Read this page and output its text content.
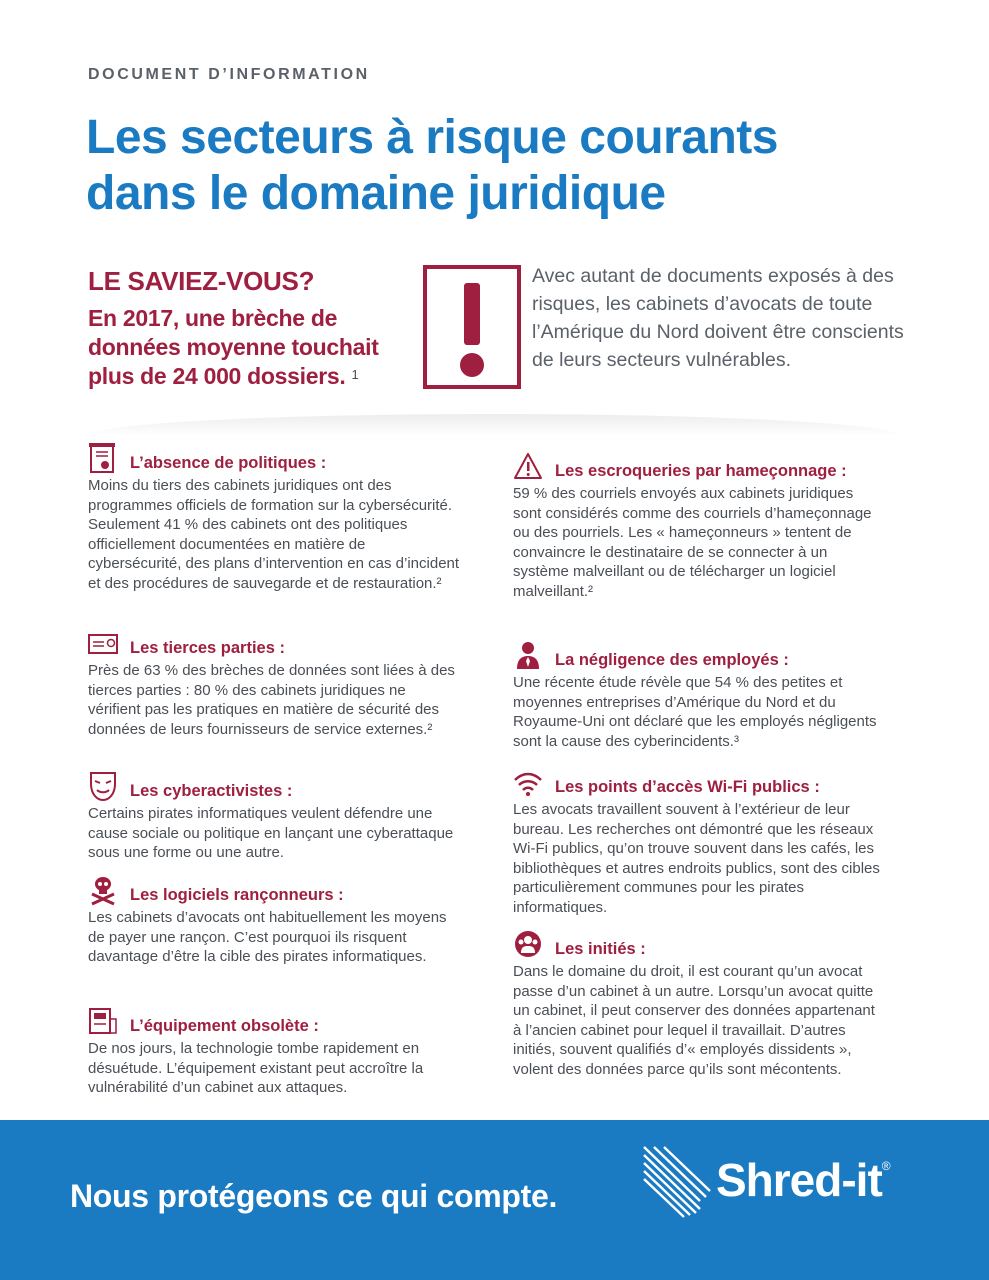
DOCUMENT D’INFORMATION
Les secteurs à risque courants dans le domaine juridique
LE SAVIEZ-VOUS?
En 2017, une brèche de données moyenne touchait plus de 24 000 dossiers. $^1$
Avec autant de documents exposés à des risques, les cabinets d’avocats de toute l’Amérique du Nord doivent être conscients de leurs secteurs vulnérables.
L’absence de politiques :
Moins du tiers des cabinets juridiques ont des programmes officiels de formation sur la cybersécurité. Seulement 41 % des cabinets ont des politiques officiellement documentées en matière de cybersécurité, des plans d’intervention en cas d’incident et des procédures de sauvegarde et de restauration.²
Les tierces parties :
Près de 63 % des brèches de données sont liées à des tierces parties : 80 % des cabinets juridiques ne vérifient pas les pratiques en matière de sécurité des données de leurs fournisseurs de service externes.²
Les cyberactivistes :
Certains pirates informatiques veulent défendre une cause sociale ou politique en lançant une cyberattaque sous une forme ou une autre.
Les logiciels rançonneurs :
Les cabinets d’avocats ont habituellement les moyens de payer une rançon. C’est pourquoi ils risquent davantage d’être la cible des pirates informatiques.
L’équipement obsolète :
De nos jours, la technologie tombe rapidement en désuétude. L’équipement existant peut accroître la vulnérabilité d’un cabinet aux attaques.
Les escroqueries par hameçonnage :
59 % des courriels envoyés aux cabinets juridiques sont considérés comme des courriels d’hameçonnage ou des pourriels. Les « hameçonneurs » tentent de convaincre le destinataire de se connecter à un système malveillant ou de télécharger un logiciel malveillant.²
La négligence des employés :
Une récente étude révèle que 54 % des petites et moyennes entreprises d’Amérique du Nord et du Royaume-Uni ont déclaré que les employés négligents sont la cause des cyberincidents.³
Les points d’accès Wi-Fi publics :
Les avocats travaillent souvent à l’extérieur de leur bureau. Les recherches ont démontré que les réseaux Wi-Fi publics, qu’on trouve souvent dans les cafés, les bibliothèques et autres endroits publics, sont des cibles particulièrement communes pour les pirates informatiques.
Les initiés :
Dans le domaine du droit, il est courant qu’un avocat passe d’un cabinet à un autre. Lorsqu’un avocat quitte un cabinet, il peut conserver des données appartenant à l’ancien cabinet pour lequel il travaillait. D’autres initiés, souvent qualifiés d’« employés dissidents », volent des données parce qu’ils sont mécontents.
Nous protégeons ce qui compte.	Shred-it®
